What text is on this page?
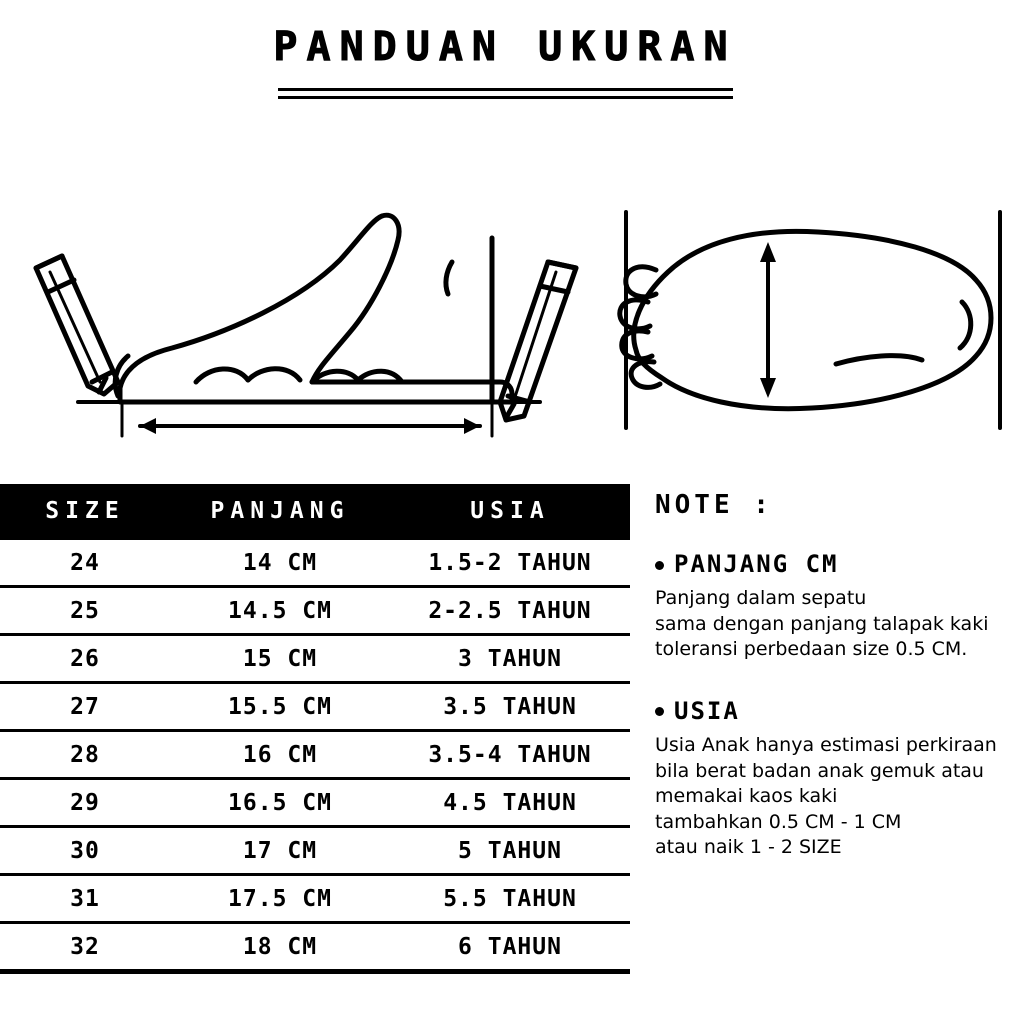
PANDUAN UKURAN
SIZE	PANJANG	USIA
24	14 CM	1.5-2 TAHUN
25	14.5 CM	2-2.5 TAHUN
26	15 CM	3 TAHUN
27	15.5 CM	3.5 TAHUN
28	16 CM	3.5-4 TAHUN
29	16.5 CM	4.5 TAHUN
30	17 CM	5 TAHUN
31	17.5 CM	5.5 TAHUN
32	18 CM	6 TAHUN
NOTE :
PANJANG CM
Panjang dalam sepatu
sama dengan panjang talapak kaki
toleransi perbedaan size 0.5 CM.
USIA
Usia Anak hanya estimasi perkiraan
bila berat badan anak gemuk atau
memakai kaos kaki
tambahkan 0.5 CM - 1 CM
atau naik 1 - 2 SIZE
